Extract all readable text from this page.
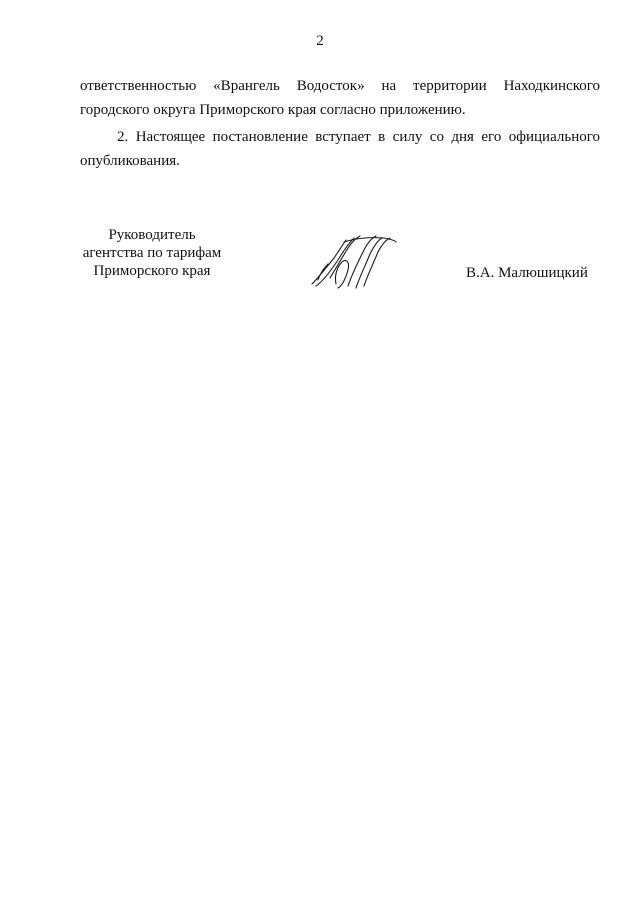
2
ответственностью «Врангель Водосток» на территории Находкинского
городского округа Приморского края согласно приложению.
2. Настоящее постановление вступает в силу со дня его официального
опубликования.
Руководитель
агентства по тарифам
Приморского края	В.А. Малюшицкий
